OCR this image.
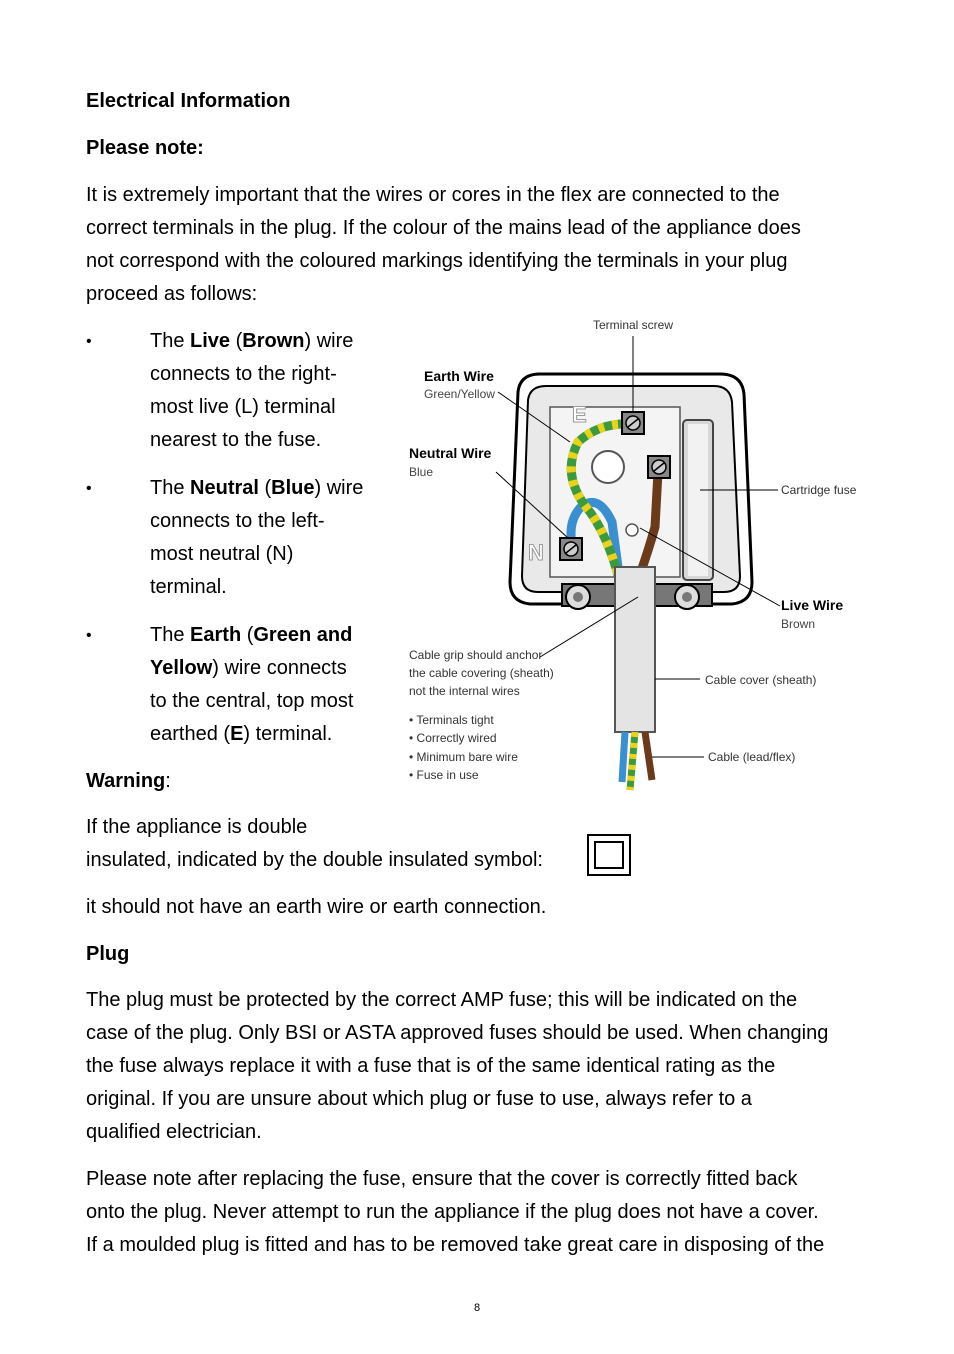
Electrical Information

Please note:

It is extremely important that the wires or cores in the flex are connected to the
correct terminals in the plug. If the colour of the mains lead of the appliance does
not correspond with the coloured markings identifying the terminals in your plug
proceed as follows:
•	The Live (Brown) wire
connects to the right-
most live (L) terminal
nearest to the fuse.
•	The Neutral (Blue) wire
connects to the left-
most neutral (N)
terminal.
•	The Earth (Green and
Yellow) wire connects
to the central, top most
earthed (E) terminal.

Warning:

If the appliance is double

insulated, indicated by the double insulated symbol:

it should not have an earth wire or earth connection.

Plug

The plug must be protected by the correct AMP fuse; this will be indicated on the
case of the plug. Only BSI or ASTA approved fuses should be used. When changing
the fuse always replace it with a fuse that is of the same identical rating as the
original. If you are unsure about which plug or fuse to use, always refer to a
qualified electrician.
Please note after replacing the fuse, ensure that the cover is correctly fitted back
onto the plug. Never attempt to run the appliance if the plug does not have a cover.
If a moulded plug is fitted and has to be removed take great care in disposing of the
E
N
Terminal screw
Earth Wire
Green/Yellow
Neutral Wire
Blue
Cartridge fuse
Live Wire
Brown
Cable grip should anchor
the cable covering (sheath)
not the internal wires
• Terminals tight
• Correctly wired
• Minimum bare wire
• Fuse in use
Cable cover (sheath)
Cable (lead/flex)
8
